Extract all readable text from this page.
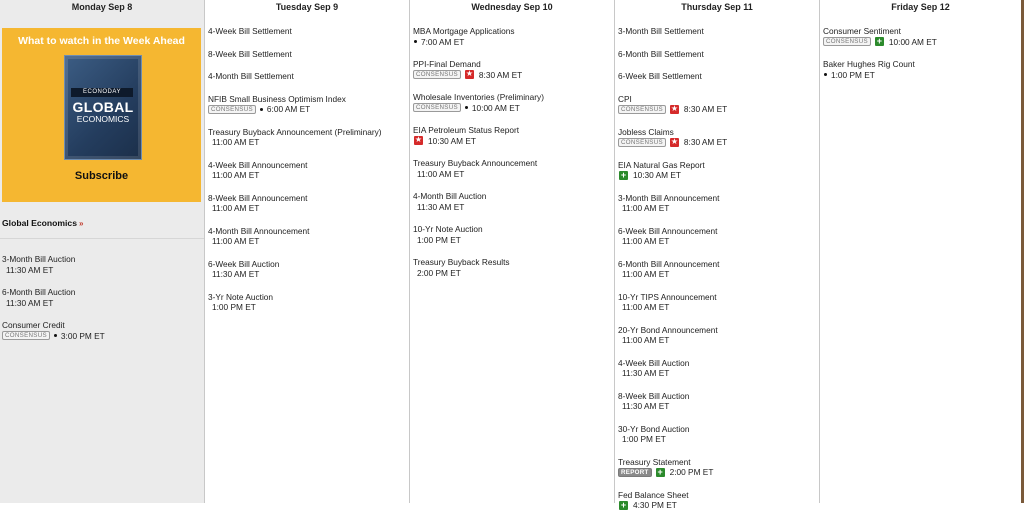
Monday Sep 8
What to watch in the Week Ahead
ECONODAY
GLOBAL
ECONOMICS
Subscribe
Global Economics »
3-Month Bill Auction
11:30 AM ET
6-Month Bill Auction
11:30 AM ET
Consumer Credit
CONSENSUS	3:00 PM ET
Tuesday Sep 9
4-Week Bill Settlement
8-Week Bill Settlement
4-Month Bill Settlement
NFIB Small Business Optimism Index
CONSENSUS	6:00 AM ET
Treasury Buyback Announcement (Preliminary)
11:00 AM ET
4-Week Bill Announcement
11:00 AM ET
8-Week Bill Announcement
11:00 AM ET
4-Month Bill Announcement
11:00 AM ET
6-Week Bill Auction
11:30 AM ET
3-Yr Note Auction
1:00 PM ET
Wednesday Sep 10
MBA Mortgage Applications
7:00 AM ET
PPI-Final Demand
CONSENSUS ★	8:30 AM ET
Wholesale Inventories (Preliminary)
CONSENSUS	10:00 AM ET
EIA Petroleum Status Report
★
10:30 AM ET
Treasury Buyback Announcement
11:00 AM ET
4-Month Bill Auction
11:30 AM ET
10-Yr Note Auction
1:00 PM ET
Treasury Buyback Results
2:00 PM ET
Thursday Sep 11
3-Month Bill Settlement
6-Month Bill Settlement
6-Week Bill Settlement
CPI
CONSENSUS ★	8:30 AM ET
Jobless Claims
CONSENSUS ★	8:30 AM ET
EIA Natural Gas Report
+
10:30 AM ET
3-Month Bill Announcement
11:00 AM ET
6-Week Bill Announcement
11:00 AM ET
6-Month Bill Announcement
11:00 AM ET
10-Yr TIPS Announcement
11:00 AM ET
20-Yr Bond Announcement
11:00 AM ET
4-Week Bill Auction
11:30 AM ET
8-Week Bill Auction
11:30 AM ET
30-Yr Bond Auction
1:00 PM ET
Treasury Statement
REPORT +	2:00 PM ET
Fed Balance Sheet
+
4:30 PM ET
Friday Sep 12
Consumer Sentiment
CONSENSUS +	10:00 AM ET
Baker Hughes Rig Count
1:00 PM ET
